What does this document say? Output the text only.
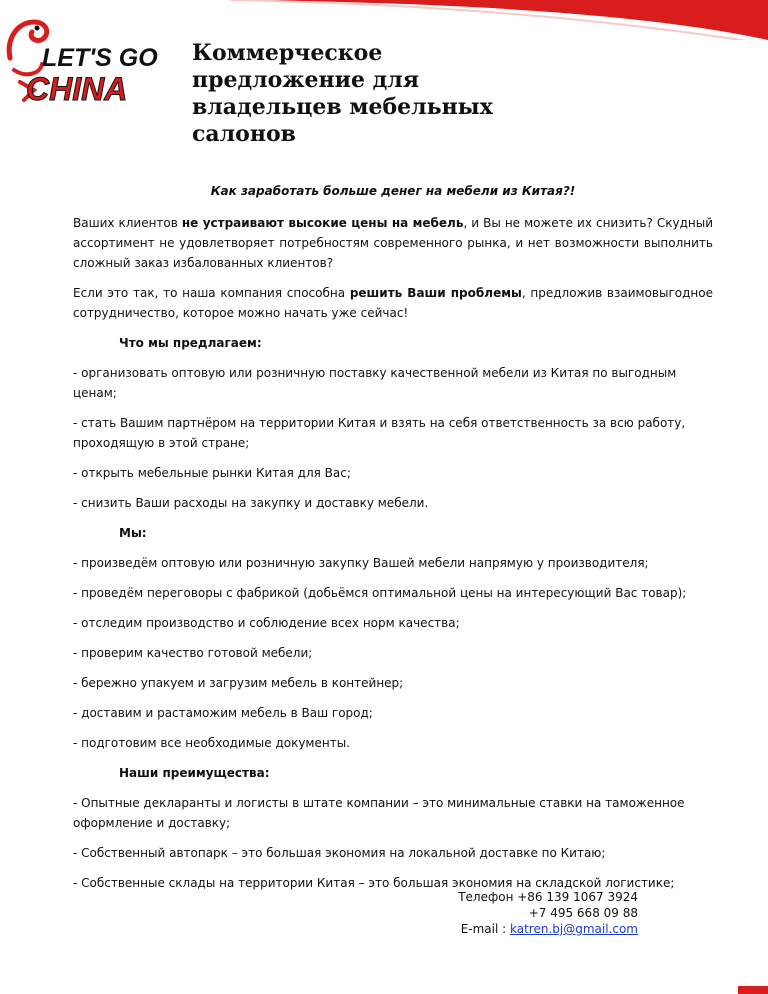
LET'S GO
CHINA
Коммерческое предложение для владельцев мебельных салонов

Как заработать больше денег на мебели из Китая?!

Ваших клиентов не устраивают высокие цены на мебель, и Вы не можете их снизить? Скудный ассортимент не удовлетворяет потребностям современного рынка, и нет возможности выполнить сложный заказ избалованных клиентов?

Если это так, то наша компания способна решить Ваши проблемы, предложив взаимовыгодное сотрудничество, которое можно начать уже сейчас!

Что мы предлагаем:

- организовать оптовую или розничную поставку качественной мебели из Китая по выгодным ценам;

- стать Вашим партнёром на территории Китая и взять на себя ответственность за всю работу, проходящую в этой стране;

- открыть мебельные рынки Китая для Вас;

- снизить Ваши расходы на закупку и доставку мебели.

Мы:

- произведём оптовую или розничную закупку Вашей мебели напрямую у производителя;

- проведём переговоры с фабрикой (добьёмся оптимальной цены на интересующий Вас товар);

- отследим производство и соблюдение всех норм качества;

- проверим качество готовой мебели;

- бережно упакуем и загрузим мебель в контейнер;

- доставим и растаможим мебель в Ваш город;

- подготовим все необходимые документы.

Наши преимущества:

- Опытные декларанты и логисты в штате компании – это минимальные ставки на таможенное оформление и доставку;

- Собственный автопарк – это большая экономия на локальной доставке по Китаю;

- Собственные склады на территории Китая – это большая экономия на складской логистике;

Телефон +86 139 1067 3924
+7 495 668 09 88
E-mail : katren.bj@gmail.com
